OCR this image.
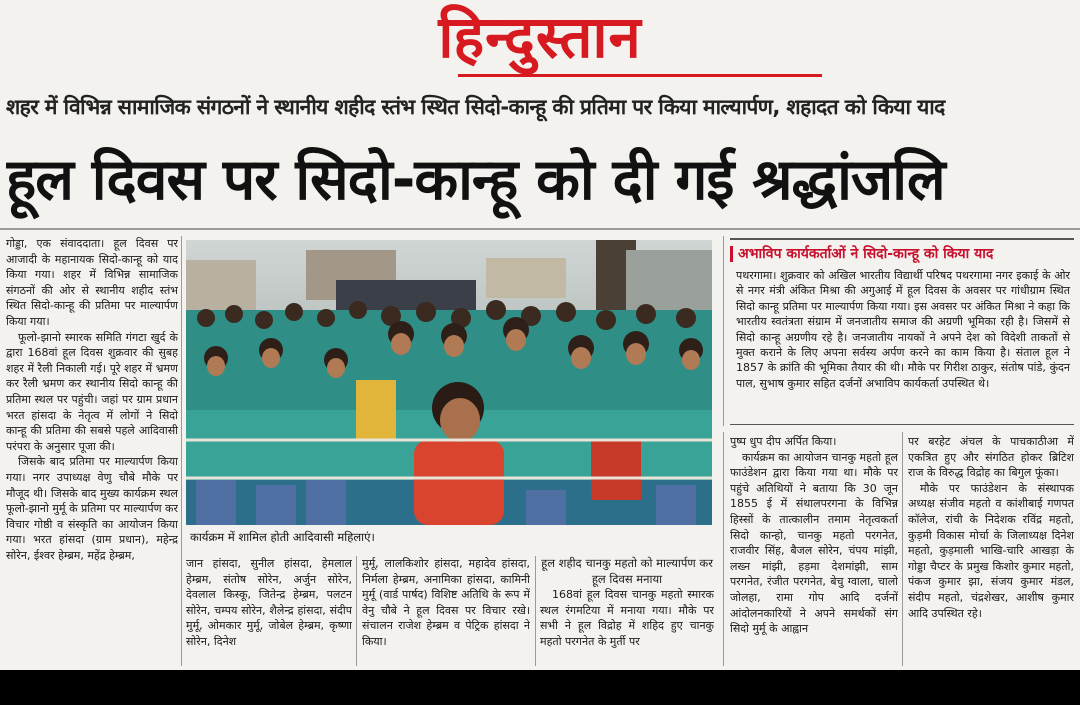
हिन्दुस्तान
शहर में विभिन्न सामाजिक संगठनों ने स्थानीय शहीद स्तंभ स्थित सिदो-कान्हू की प्रतिमा पर किया माल्यार्पण, शहादत को किया याद
हूल दिवस पर सिदो-कान्हू को दी गई श्रद्धांजलि

गोड्डा, एक संवाददाता। हूल दिवस पर आजादी के महानायक सिदो-कान्हू को याद किया गया। शहर में विभिन्न सामाजिक संगठनों की ओर से स्थानीय शहीद स्तंभ स्थित सिदो-कान्हू की प्रतिमा पर माल्यार्पण किया गया।

फूलो-झानो स्मारक समिति गंगटा खुर्द के द्वारा 168वां हूल दिवस शुक्रवार की सुबह शहर में रैली निकाली गई। पूरे शहर में भ्रमण कर रैली भ्रमण कर स्थानीय सिदो कान्हू की प्रतिमा स्थल पर पहुंची। जहां पर ग्राम प्रधान भरत हांसदा के नेतृत्व में लोगों ने सिदो कान्हू की प्रतिमा की सबसे पहले आदिवासी परंपरा के अनुसार पूजा की।

जिसके बाद प्रतिमा पर माल्यार्पण किया गया। नगर उपाध्यक्ष वेणु चौबे मौके पर मौजूद थी। जिसके बाद मुख्य कार्यक्रम स्थल फूलो-झानो मुर्मू के प्रतिमा पर माल्यार्पण कर विचार गोष्ठी व संस्कृति का आयोजन किया गया। भरत हांसदा (ग्राम प्रधान), महेन्द्र सोरेन, ईश्वर हेम्ब्रम, महेंद्र हेम्ब्रम,

कार्यक्रम में शामिल होती आदिवासी महिलाएं।
अभाविप कार्यकर्ताओं ने सिदो-कान्हू को किया याद
पथरगामा। शुक्रवार को अखिल भारतीय विद्यार्थी परिषद पथरगामा नगर इकाई के ओर से नगर मंत्री अंकित मिश्रा की अगुआई में हूल दिवस के अवसर पर गांधीग्राम स्थित सिदो कान्हू प्रतिमा पर माल्यार्पण किया गया। इस अवसर पर अंकित मिश्रा ने कहा कि भारतीय स्वतंत्रता संग्राम में जनजातीय समाज की अग्रणी भूमिका रही है। जिसमें से सिदो कान्हू अग्रणीय रहे है। जनजातीय नायकों ने अपने देश को विदेशी ताकतों से मुक्त कराने के लिए अपना सर्वस्य अर्पण करने का काम किया है। संताल हूल ने 1857 के क्रांति की भूमिका तैयार की थी। मौके पर गिरीश ठाकुर, संतोष पांडे, कुंदन पाल, सुभाष कुमार सहित दर्जनों अभाविप कार्यकर्ता उपस्थित थे।

जान हांसदा, सुनील हांसदा, हेमलाल हेम्ब्रम, संतोष सोरेन, अर्जुन सोरेन, देवलाल किस्कू, जितेन्द्र हेम्ब्रम, पलटन सोरेन, चम्पय सोरेन, शैलेन्द्र हांसदा, संदीप मुर्मू, ओमकार मुर्मू, जोबेल हेम्ब्रम, कृष्णा सोरेन, दिनेश

मुर्मू, लालकिशोर हांसदा, महादेव हांसदा, निर्मला हेम्ब्रम, अनामिका हांसदा, कामिनी मुर्मू (वार्ड पार्षद) विशिष्ट अतिथि के रूप में वेनु चौबे ने हूल दिवस पर विचार रखे। संचालन राजेश हेम्ब्रम व पेट्रिक हांसदा ने किया।

हूल शहीद चानकु महतो को माल्यार्पण कर हूल दिवस मनाया

168वां हूल दिवस चानकु महतो स्मारक स्थल रंगमटिया में मनाया गया। मौके पर सभी ने हूल विद्रोह में शहिद हुए चानकु महतो परगनेत के मुर्ती पर

पुष्प धुप दीप अर्पित किया।

कार्यक्रम का आयोजन चानकु महतो हूल फाउंडेशन द्वारा किया गया था। मौके पर पहुंचे अतिथियों ने बताया कि 30 जून 1855 ई में संथालपरगना के विभिन्न हिस्सों के तात्कालीन तमाम नेतृत्वकर्ता सिदो कान्हो, चानकु महतो परगनेत, राजवीर सिंह, बैजल सोरेन, चंपय मांझी, लख्न मांझी, हड़मा देशमांझी, साम परगनेत, रंजीत परगनेत, बेचु ग्वाला, चालो जोलहा, रामा गोप आदि दर्जनों आंदोलनकारियों ने अपने समर्थकों संग सिदो मुर्मू के आह्वान

पर बरहेट अंचल के पाचकाठीआ में एकत्रित हुए और संगठित होकर ब्रिटिश राज के विरुद्ध विद्रोह का बिगुल फूंका।

मौके पर फाउंडेशन के संस्थापक अध्यक्ष संजीव महतो व कांशीबाई गणपत कॉलेज, रांची के निदेशक रविंद्र महतो, कुड़मी विकास मोर्चा के जिलाध्यक्ष दिनेश महतो, कुड़माली भाखि-चारि आखड़ा के गोड्डा चैप्टर के प्रमुख किशोर कुमार महतो, पंकज कुमार झा, संजय कुमार मंडल, संदीप महतो, चंद्रशेखर, आशीष कुमार आदि उपस्थित रहे।
